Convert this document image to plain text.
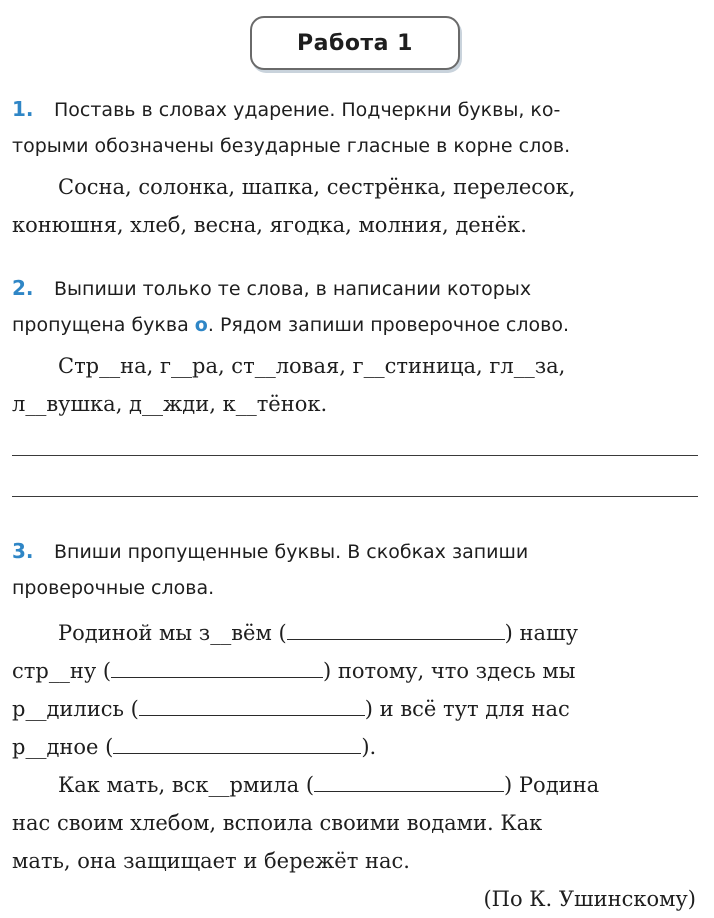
Работа 1
1.	Поставь в словах ударение. Подчеркни буквы, ко-
торыми обозначены безударные гласные в корне слов.

Сосна, солонка, шапка, сестрёнка, перелесок,
конюшня, хлеб, весна, ягодка, молния, денёк.

2.	Выпиши только те слова, в написании которых
пропущена буква о . Рядом запиши проверочное слово.

Стр__на, г__ра, ст__ловая, г__стиница, гл__за,
л__вушка, д__жди, к__тёнок.

3.	Впиши пропущенные буквы. В скобках запиши
проверочные слова.

Родиной мы з__вём (	) нашу
стр__ну (	) потому, что здесь мы
р__дились (	) и всё тут для нас
р__дное (	).
Как мать, вск__рмила (	) Родина
нас своим хлебом, вспоила своими водами. Как
мать, она защищает и бережёт нас.
(По К. Ушинскому)
